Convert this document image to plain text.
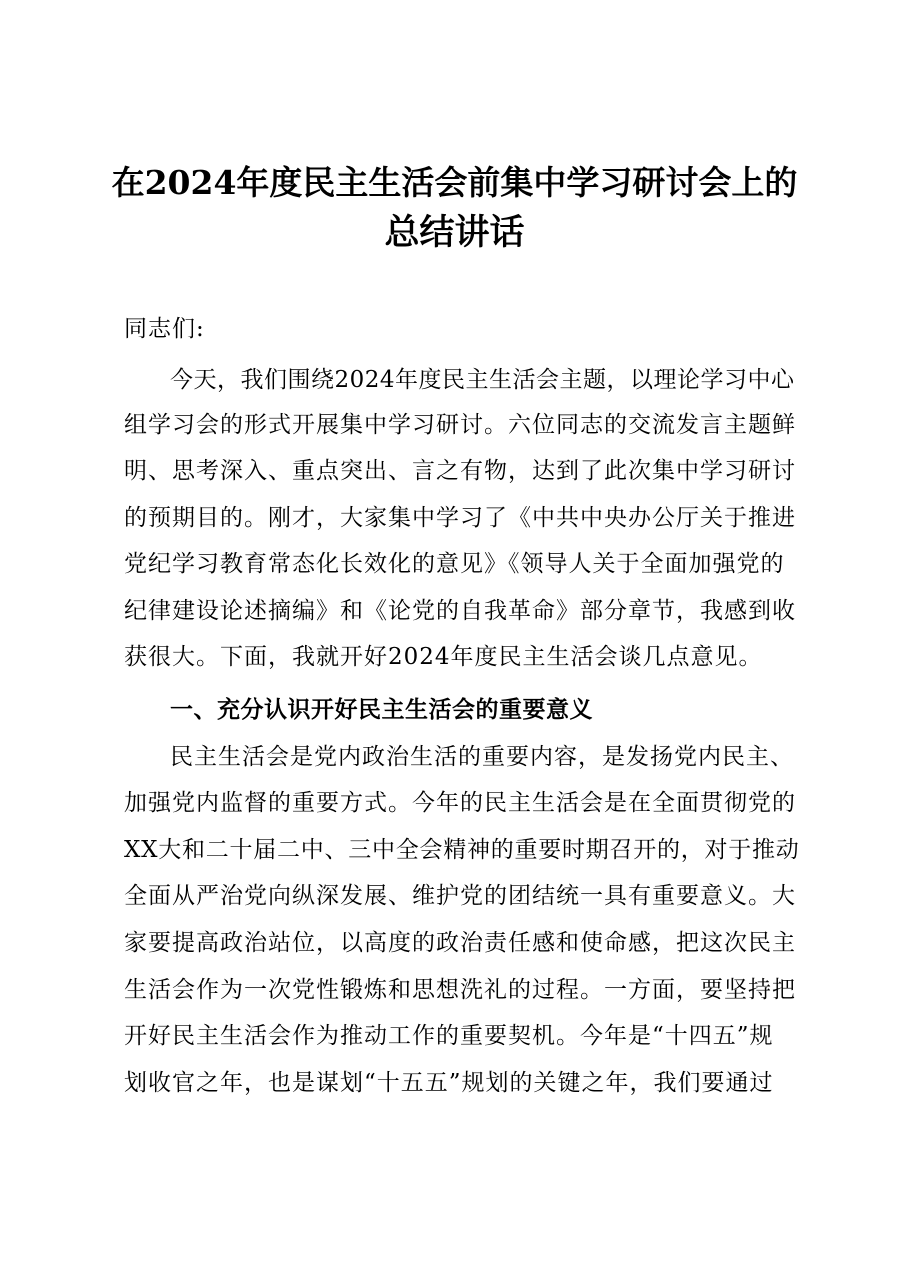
在2024年度民主生活会前集中学习研讨会上的
总结讲话

同志们:

今天，我们围绕2024年度民主生活会主题，以理论学习中心

组学习会的形式开展集中学习研讨。六位同志的交流发言主题鲜

明、思考深入、重点突出、言之有物，达到了此次集中学习研讨

的预期目的。刚才，大家集中学习了《中共中央办公厅关于推进

党纪学习教育常态化长效化的意见》《领导人关于全面加强党的

纪律建设论述摘编》和《论党的自我革命》部分章节，我感到收

获很大。下面，我就开好2024年度民主生活会谈几点意见。

一、充分认识开好民主生活会的重要意义

民主生活会是党内政治生活的重要内容，是发扬党内民主、

加强党内监督的重要方式。今年的民主生活会是在全面贯彻党的

XX大和二十届二中、三中全会精神的重要时期召开的，对于推动

全面从严治党向纵深发展、维护党的团结统一具有重要意义。大

家要提高政治站位，以高度的政治责任感和使命感，把这次民主

生活会作为一次党性锻炼和思想洗礼的过程。一方面，要坚持把

开好民主生活会作为推动工作的重要契机。今年是“十四五”规

划收官之年，也是谋划“十五五”规划的关键之年，我们要通过
